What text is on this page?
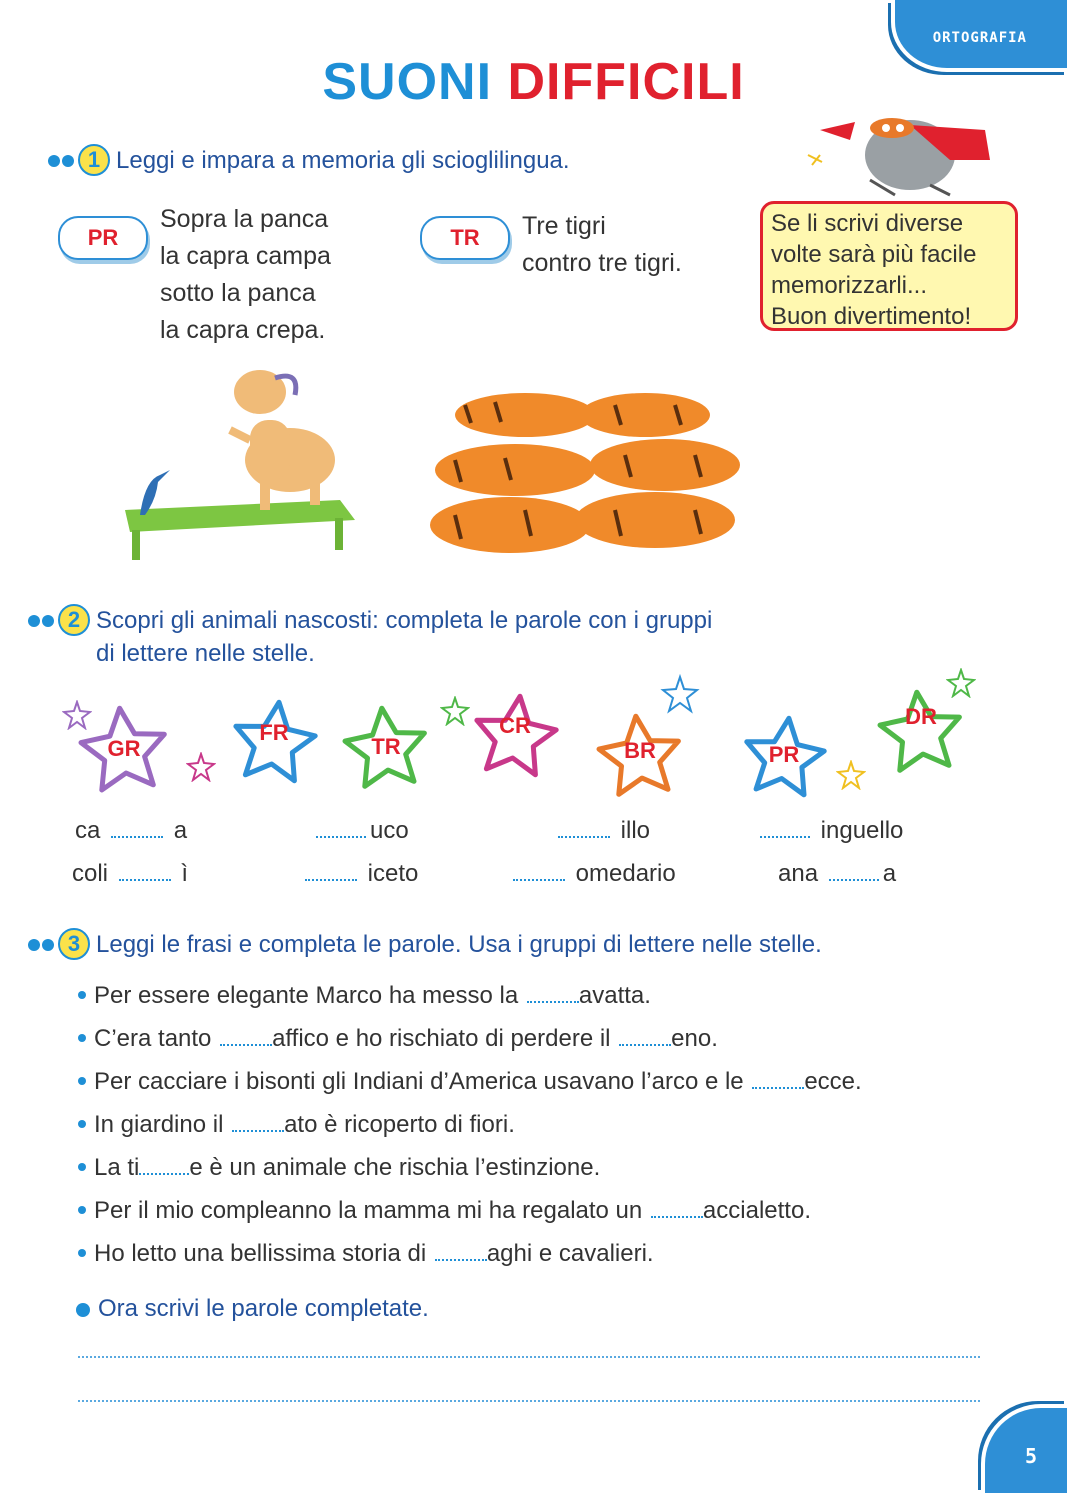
ORTOGRAFIA
5
SUONI DIFFICILI
1 Leggi e impara a memoria gli scioglilingua.
PR
Sopra la panca
la capra campa
sotto la panca
la capra crepa.
TR	Tre tigri
contro tre tigri.
Se li scrivi diverse
volte sarà più facile
memorizzarli...
Buon divertimento!
2 Scopri gli animali nascosti: completa le parole con i gruppi
di lettere nelle stelle.
GR
FR
TR
CR
BR	PR
DR
ca	a	uco	illo	inguello
coli	ì	iceto	omedario	ana	a
3 Leggi le frasi e completa le parole. Usa i gruppi di lettere nelle stelle.
Per essere elegante Marco ha messo la avatta.
C’era tanto affico e ho rischiato di perdere il eno.
Per cacciare i bisonti gli Indiani d’America usavano l’arco e le ecce.
In giardino il ato è ricoperto di fiori.
La ti e è un animale che rischia l’estinzione.
Per il mio compleanno la mamma mi ha regalato un accialetto.
Ho letto una bellissima storia di aghi e cavalieri.
Ora scrivi le parole completate.
